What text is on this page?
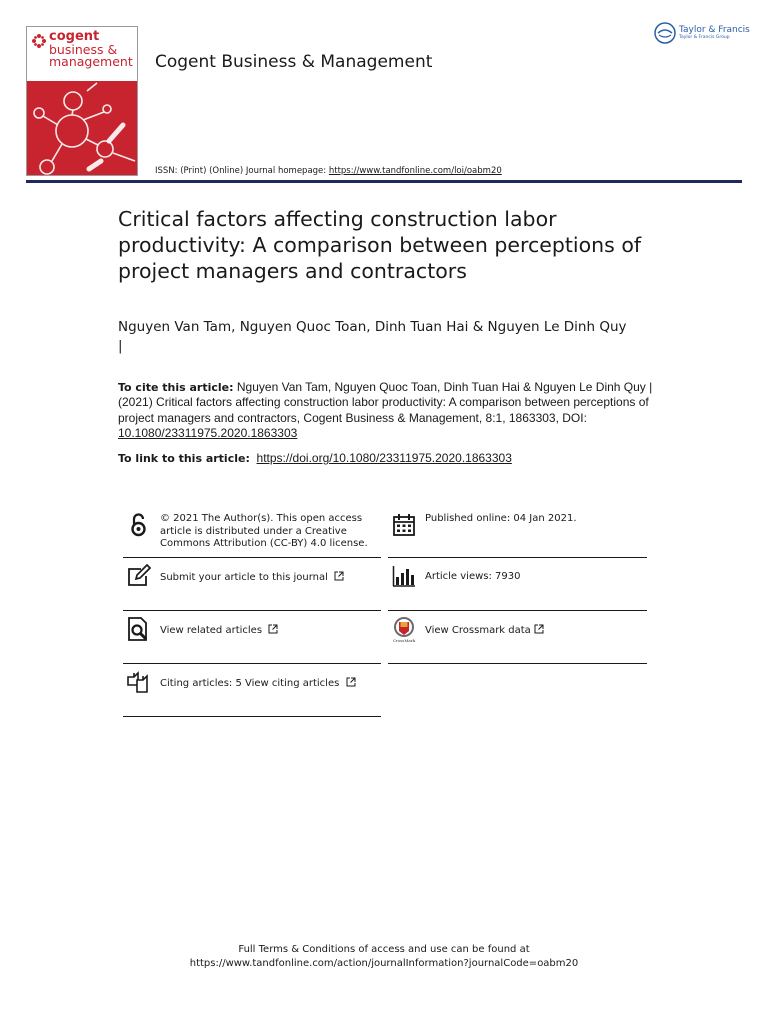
cogent
business &
management Cogent Business & Management
Taylor & Francis
Taylor & Francis Group
ISSN: (Print) (Online) Journal homepage: https://www.tandfonline.com/loi/oabm20
Critical factors affecting construction labor productivity: A comparison between perceptions of project managers and contractors
Nguyen Van Tam, Nguyen Quoc Toan, Dinh Tuan Hai & Nguyen Le Dinh Quy
|
To cite this article: Nguyen Van Tam, Nguyen Quoc Toan, Dinh Tuan Hai & Nguyen Le Dinh Quy | (2021) Critical factors affecting construction labor productivity: A comparison between perceptions of project managers and contractors, Cogent Business & Management, 8:1, 1863303, DOI: 10.1080/23311975.2020.1863303
To link to this article: https://doi.org/10.1080/23311975.2020.1863303
© 2021 The Author(s). This open access article is distributed under a Creative Commons Attribution (CC-BY) 4.0 license.
Published online: 04 Jan 2021.
Submit your article to this journal	Article views: 7930
View related articles
CrossMark
View Crossmark data
Citing articles: 5 View citing articles
Full Terms & Conditions of access and use can be found at
https://www.tandfonline.com/action/journalInformation?journalCode=oabm20
